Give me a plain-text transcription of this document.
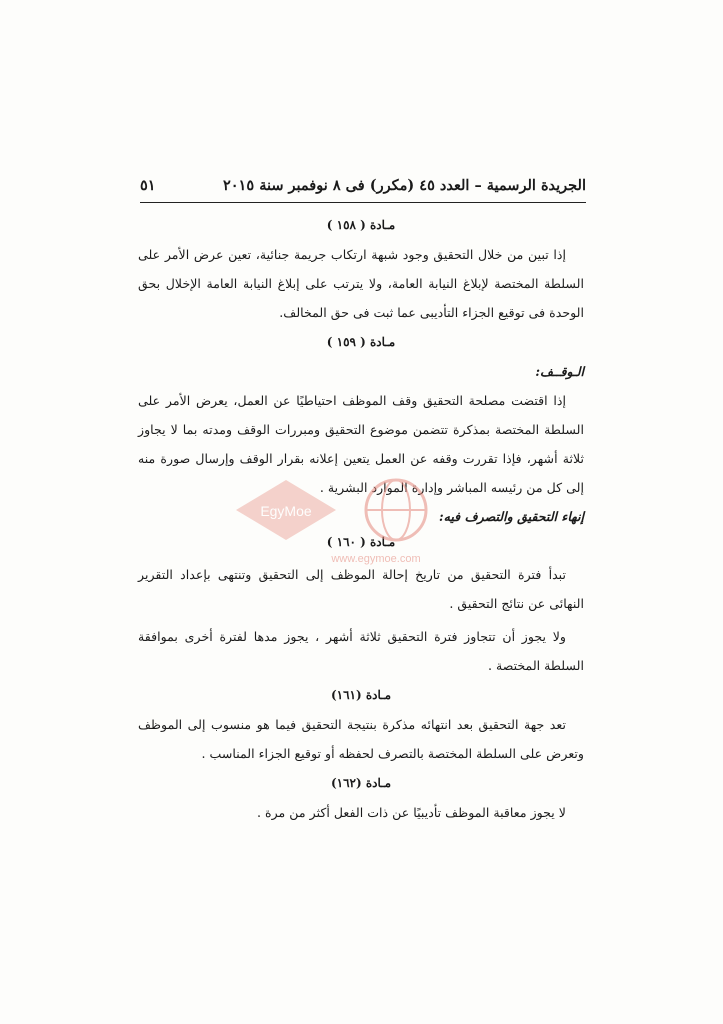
الجريدة الرسمية – العدد ٤٥ (مكرر) فى ٨ نوفمبر سنة ٢٠١٥
٥١
مـادة ( ١٥٨ )

إذا تبين من خلال التحقيق وجود شبهة ارتكاب جريمة جنائية، تعين عرض الأمر على السلطة المختصة لإبلاغ النيابة العامة، ولا يترتب على إبلاغ النيابة العامة الإخلال بحق الوحدة فى توقيع الجزاء التأديبى عما ثبت فى حق المخالف.

مـادة ( ١٥٩ )
الـوقــف:

إذا اقتضت مصلحة التحقيق وقف الموظف احتياطيًا عن العمل، يعرض الأمر على السلطة المختصة بمذكرة تتضمن موضوع التحقيق ومبررات الوقف ومدته بما لا يجاوز ثلاثة أشهر، فإذا تقررت وقفه عن العمل يتعين إعلانه بقرار الوقف وإرسال صورة منه إلى كل من رئيسه المباشر وإدارة الموارد البشرية .

إنهاء التحقيق والتصرف فيه:
مـادة ( ١٦٠ )

تبدأ فترة التحقيق من تاريخ إحالة الموظف إلى التحقيق وتنتهى بإعداد التقرير النهائى عن نتائج التحقيق .

ولا يجوز أن تتجاوز فترة التحقيق ثلاثة أشهر ، يجوز مدها لفترة أخرى بموافقة السلطة المختصة .

مـادة (١٦١)

تعد جهة التحقيق بعد انتهائه مذكرة بنتيجة التحقيق فيما هو منسوب إلى الموظف وتعرض على السلطة المختصة بالتصرف لحفظه أو توقيع الجزاء المناسب .

مـادة (١٦٢)

لا يجوز معاقبة الموظف تأديبيًا عن ذات الفعل أكثر من مرة .

EgyMoe
www.egymoe.com
